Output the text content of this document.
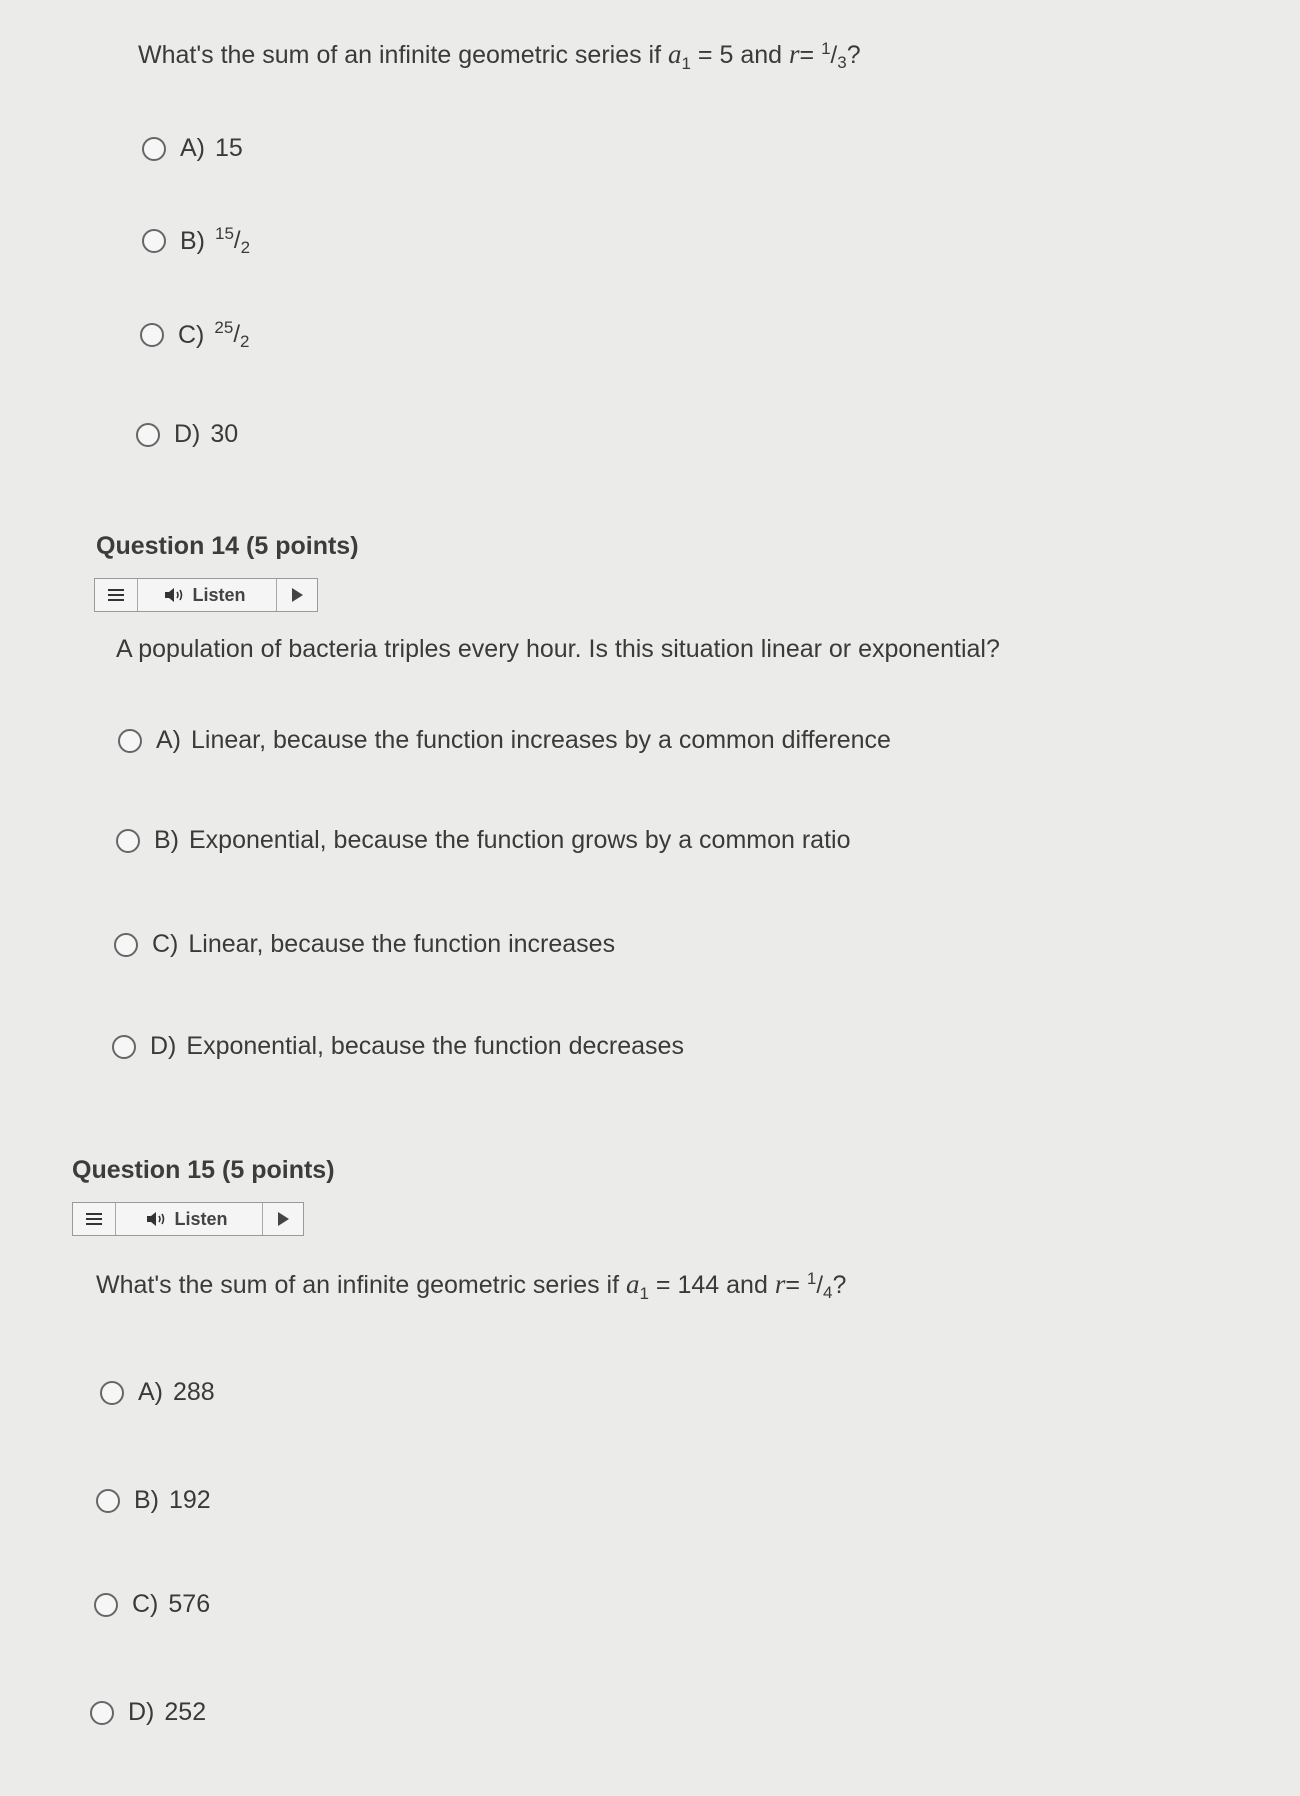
What's the sum of an infinite geometric series if $a_1 = 5$ and $r= ^1/_3$?
A) 15
B) $^{15}/_2$
C) $^{25}/_2$
D) 30
Question 14 (5 points)
Listen
A population of bacteria triples every hour. Is this situation linear or exponential?
A) Linear, because the function increases by a common difference
B) Exponential, because the function grows by a common ratio
C) Linear, because the function increases
D) Exponential, because the function decreases
Question 15 (5 points)
Listen
What's the sum of an infinite geometric series if $a_1 = 144$ and $r= ^1/_4$?
A) 288
B) 192
C) 576
D) 252
